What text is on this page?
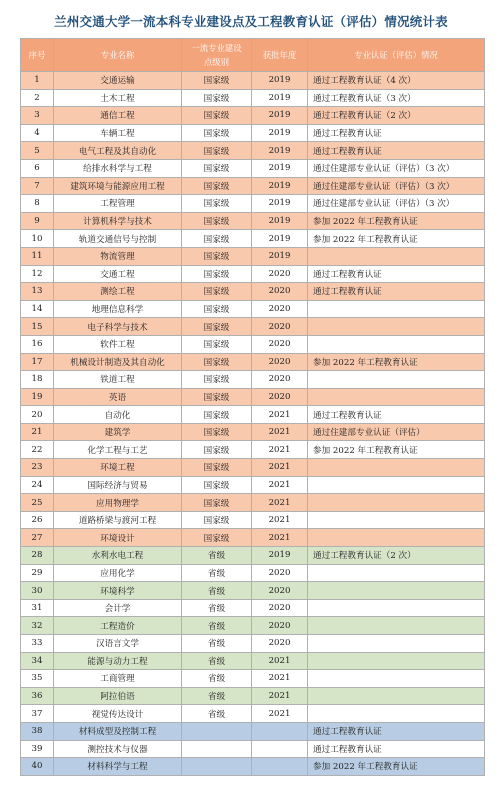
兰州交通大学一流本科专业建设点及工程教育认证（评估）情况统计表
序号	专业名称	一流专业建设
点级别	获批年度	专业认证（评估）情况
1	交通运输	国家级	2019	通过工程教育认证（4 次）
2	土木工程	国家级	2019	通过工程教育认证（3 次）
3	通信工程	国家级	2019	通过工程教育认证（2 次）
4	车辆工程	国家级	2019	通过工程教育认证
5	电气工程及其自动化	国家级	2019	通过工程教育认证
6	给排水科学与工程	国家级	2019	通过住建部专业认证（评估）（3 次）
7	建筑环境与能源应用工程	国家级	2019	通过住建部专业认证（评估）（3 次）
8	工程管理	国家级	2019	通过住建部专业认证（评估）（3 次）
9	计算机科学与技术	国家级	2019	参加 2022 年工程教育认证
10	轨道交通信号与控制	国家级	2019	参加 2022 年工程教育认证
11	物流管理	国家级	2019	
12	交通工程	国家级	2020	通过工程教育认证
13	测绘工程	国家级	2020	通过工程教育认证
14	地理信息科学	国家级	2020	
15	电子科学与技术	国家级	2020	
16	软件工程	国家级	2020	
17	机械设计制造及其自动化	国家级	2020	参加 2022 年工程教育认证
18	铁道工程	国家级	2020	
19	英语	国家级	2020	
20	自动化	国家级	2021	通过工程教育认证
21	建筑学	国家级	2021	通过住建部专业认证（评估）
22	化学工程与工艺	国家级	2021	参加 2022 年工程教育认证
23	环境工程	国家级	2021	
24	国际经济与贸易	国家级	2021	
25	应用物理学	国家级	2021	
26	道路桥梁与渡河工程	国家级	2021	
27	环境设计	国家级	2021	
28	水利水电工程	省级	2019	通过工程教育认证（2 次）
29	应用化学	省级	2020	
30	环境科学	省级	2020	
31	会计学	省级	2020	
32	工程造价	省级	2020	
33	汉语言文学	省级	2020	
34	能源与动力工程	省级	2021	
35	工商管理	省级	2021	
36	阿拉伯语	省级	2021	
37	视觉传达设计	省级	2021	
38	材料成型及控制工程			通过工程教育认证
39	测控技术与仪器			通过工程教育认证
40	材料科学与工程			参加 2022 年工程教育认证
